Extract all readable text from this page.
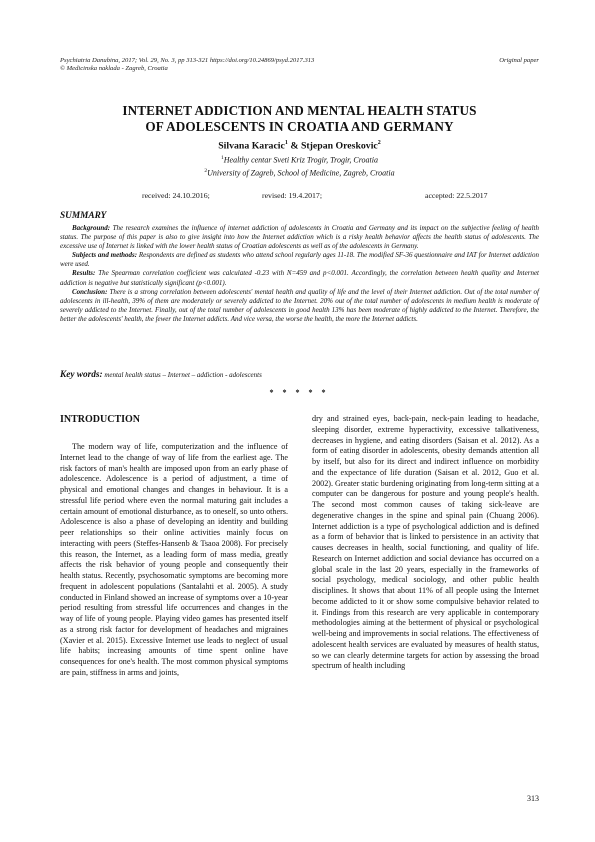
Psychiatria Danubina, 2017; Vol. 29, No. 3, pp 313-321 https://doi.org/10.24869/psyd.2017.313
© Medicinska naklada - Zagreb, Croatia
Original paper
INTERNET ADDICTION AND MENTAL HEALTH STATUS
OF ADOLESCENTS IN CROATIA AND GERMANY
Silvana Karacic$^1$ & Stjepan Oreskovic$^2$
$^1$Healthy centar Sveti Kriz Trogir, Trogir, Croatia
$^2$University of Zagreb, School of Medicine, Zagreb, Croatia
received: 24.10.2016;	revised: 19.4.2017;	accepted: 22.5.2017
SUMMARY

Background: The research examines the influence of internet addiction of adolescents in Croatia and Germany and its impact on the subjective feeling of health status. The purpose of this paper is also to give insight into how the Internet addiction which is a risky health behavior affects the health status of adolescents. The excessive use of Internet is linked with the lower health status of Croatian adolescents as well as of the adolescents in Germany.

Subjects and methods: Respondents are defined as students who attend school regularly ages 11-18. The modified SF-36 questionnaire and IAT for Internet addiction were used.

Results: The Spearman correlation coefficient was calculated -0.23 with N=459 and p<0.001. Accordingly, the correlation between health quality and Internet addiction is negative but statistically significant (p<0.001).

Conclusion: There is a strong correlation between adolescents' mental health and quality of life and the level of their Internet addiction. Out of the total number of adolescents in ill-health, 39% of them are moderately or severely addicted to the Internet. 20% out of the total number of adolescents in medium health is moderate of severely addicted to the Internet. Finally, out of the total number of adolescents in good health 13% has been moderate of highly addicted to the Internet. Therefore, the better the adolescents' health, the fewer the Internet addicts. And vice versa, the worse the health, the more the Internet addicts.

Key words: mental health status – Internet – addiction - adolescents
* * * * *
INTRODUCTION

The modern way of life, computerization and the influence of Internet lead to the change of way of life from the earliest age. The risk factors of man's health are imposed upon from an early phase of adolescence. Adolescence is a period of adjustment, a time of physical and emotional changes and changes in behaviour. It is a stressful life period where even the normal maturing gait includes a certain amount of emotional disturbance, as to oneself, so unto others. Adolescence is also a phase of developing an identity and building peer relationships so their online activities mainly focus on interacting with peers (Steffes-Hansenb & Tsaoa 2008). For precisely this reason, the Internet, as a leading form of mass media, greatly affects the risk behavior of young people and consequently their health status. Recently, psychosomatic symptoms are becoming more frequent in adolescent populations (Santalahti et al. 2005). A study conducted in Finland showed an increase of symptoms over a 10-year period resulting from stressful life occurrences and changes in the way of life of young people. Playing video games has presented itself as a strong risk factor for development of headaches and migraines (Xavier et al. 2015). Excessive Internet use leads to neglect of usual life habits; increasing amounts of time spent online have consequences for one's health. The most common physical symptoms are pain, stiffness in arms and joints,

dry and strained eyes, back-pain, neck-pain leading to headache, sleeping disorder, extreme hyperactivity, excessive talkativeness, decreases in hygiene, and eating disorders (Saisan et al. 2012). As a form of eating disorder in adolescents, obesity demands attention all by itself, but also for its direct and indirect influence on morbidity and the expectance of life duration (Saisan et al. 2012, Guo et al. 2002). Greater static burdening originating from long-term sitting at a computer can be dangerous for posture and young people's health. The second most common causes of taking sick-leave are degenerative changes in the spine and spinal pain (Chuang 2006). Internet addiction is a type of psychological addiction and is defined as a form of behavior that is linked to persistence in an activity that causes decreases in health, social functioning, and quality of life. Research on Internet addiction and social deviance has occurred on a global scale in the last 20 years, especially in the frameworks of social psychology, medical sociology, and other public health disciplines. It shows that about 11% of all people using the Internet become addicted to it or show some compulsive behavior related to it. Findings from this research are very applicable in contemporary methodologies aiming at the betterment of physical or psychological well-being and improvements in social relations. The effectiveness of adolescent health services are evaluated by measures of health status, so we can clearly determine targets for action by assessing the broad spectrum of health including

313
